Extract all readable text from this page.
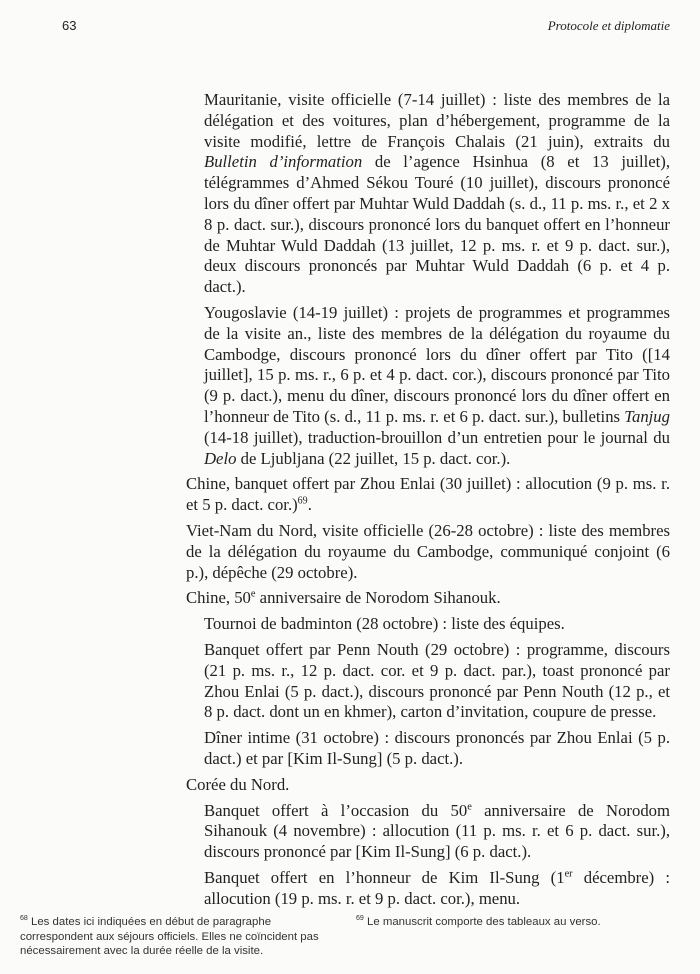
63	Protocole et diplomatie

Mauritanie, visite officielle (7-14 juillet) : liste des membres de la délégation et des voitures, plan d’hébergement, programme de la visite modifié, lettre de François Chalais (21 juin), extraits du Bulletin d’information de l’agence Hsinhua (8 et 13 juillet), télégrammes d’Ahmed Sékou Touré (10 juillet), discours prononcé lors du dîner offert par Muhtar Wuld Daddah (s. d., 11 p. ms. r., et 2 x 8 p. dact. sur.), discours prononcé lors du banquet offert en l’honneur de Muhtar Wuld Daddah (13 juillet, 12 p. ms. r. et 9 p. dact. sur.), deux discours prononcés par Muhtar Wuld Daddah (6 p. et 4 p. dact.).

Yougoslavie (14-19 juillet) : projets de programmes et programmes de la visite an., liste des membres de la délégation du royaume du Cambodge, discours prononcé lors du dîner offert par Tito ([14 juillet], 15 p. ms. r., 6 p. et 4 p. dact. cor.), discours prononcé par Tito (9 p. dact.), menu du dîner, discours prononcé lors du dîner offert en l’honneur de Tito (s. d., 11 p. ms. r. et 6 p. dact. sur.), bulletins Tanjug (14-18 juillet), traduction-brouillon d’un entretien pour le journal du Delo de Ljubljana (22 juillet, 15 p. dact. cor.).

Chine, banquet offert par Zhou Enlai (30 juillet) : allocution (9 p. ms. r. et 5 p. dact. cor.)$^{69}$.

Viet-Nam du Nord, visite officielle (26-28 octobre) : liste des membres de la délégation du royaume du Cambodge, communiqué conjoint (6 p.), dépêche (29 octobre).

Chine, 50e anniversaire de Norodom Sihanouk.

Tournoi de badminton (28 octobre) : liste des équipes.

Banquet offert par Penn Nouth (29 octobre) : programme, discours (21 p. ms. r., 12 p. dact. cor. et 9 p. dact. par.), toast prononcé par Zhou Enlai (5 p. dact.), discours prononcé par Penn Nouth (12 p., et 8 p. dact. dont un en khmer), carton d’invitation, coupure de presse.

Dîner intime (31 octobre) : discours prononcés par Zhou Enlai (5 p. dact.) et par [Kim Il-Sung] (5 p. dact.).

Corée du Nord.

Banquet offert à l’occasion du 50e anniversaire de Norodom Sihanouk (4 novembre) : allocution (11 p. ms. r. et 6 p. dact. sur.), discours prononcé par [Kim Il-Sung] (6 p. dact.).

Banquet offert en l’honneur de Kim Il-Sung (1er décembre) : allocution (19 p. ms. r. et 9 p. dact. cor.), menu.

$^{68}$ Les dates ici indiquées en début de paragraphe correspondent aux séjours officiels. Elles ne coïncident pas nécessairement avec la durée réelle de la visite.
$^{69}$ Le manuscrit comporte des tableaux au verso.
